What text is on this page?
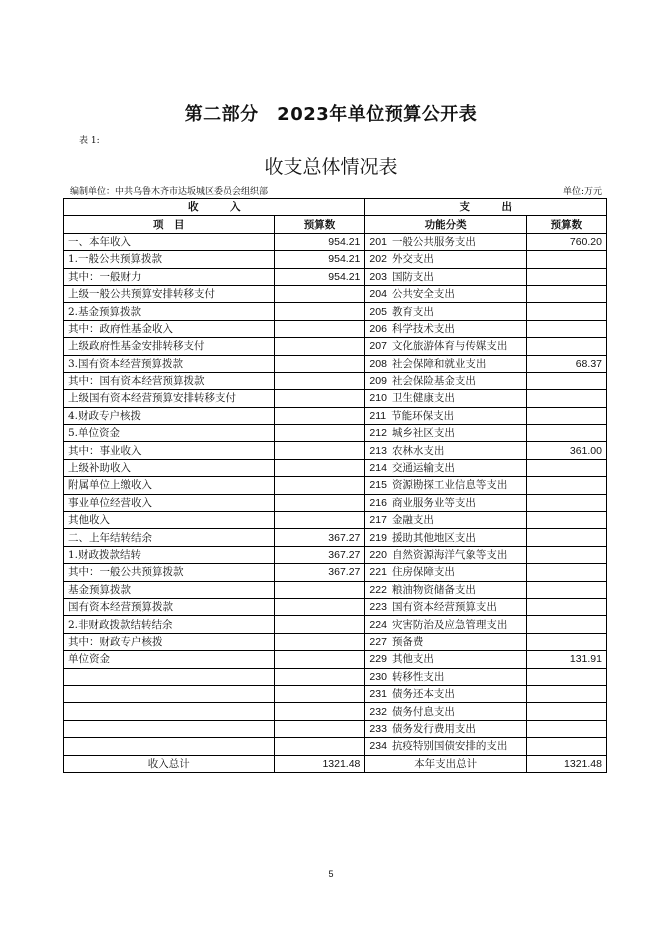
第二部分　2023年单位预算公开表
表 1:
收支总体情况表
编制单位：中共乌鲁木齐市达坂城区委员会组织部	单位:万元
收　　　入		支　　　出	
项　目	预算数	功能分类	预算数
一、本年收入	954.21	201 一般公共服务支出	760.20
1.一般公共预算拨款	954.21	202 外交支出	
其中：一般财力	954.21	203 国防支出	
上级一般公共预算安排转移支付		204 公共安全支出	
2.基金预算拨款		205 教育支出	
其中：政府性基金收入		206 科学技术支出	
上级政府性基金安排转移支付		207 文化旅游体育与传媒支出	
3.国有资本经营预算拨款		208 社会保障和就业支出	68.37
其中：国有资本经营预算拨款		209 社会保险基金支出	
上级国有资本经营预算安排转移支付		210 卫生健康支出	
4.财政专户核拨		211 节能环保支出	
5.单位资金		212 城乡社区支出	
其中：事业收入		213 农林水支出	361.00
上级补助收入		214 交通运输支出	
附属单位上缴收入		215 资源勘探工业信息等支出	
事业单位经营收入		216 商业服务业等支出	
其他收入		217 金融支出	
二、上年结转结余	367.27	219 援助其他地区支出	
1.财政拨款结转	367.27	220 自然资源海洋气象等支出	
其中：一般公共预算拨款	367.27	221 住房保障支出	
基金预算拨款		222 粮油物资储备支出	
国有资本经营预算拨款		223 国有资本经营预算支出	
2.非财政拨款结转结余		224 灾害防治及应急管理支出	
其中：财政专户核拨		227 预备费	
单位资金		229 其他支出	131.91
		230 转移性支出	
		231 债务还本支出	
		232 债务付息支出	
		233 债务发行费用支出	
		234 抗疫特别国债安排的支出	
收入总计	1321.48	本年支出总计	1321.48
5
